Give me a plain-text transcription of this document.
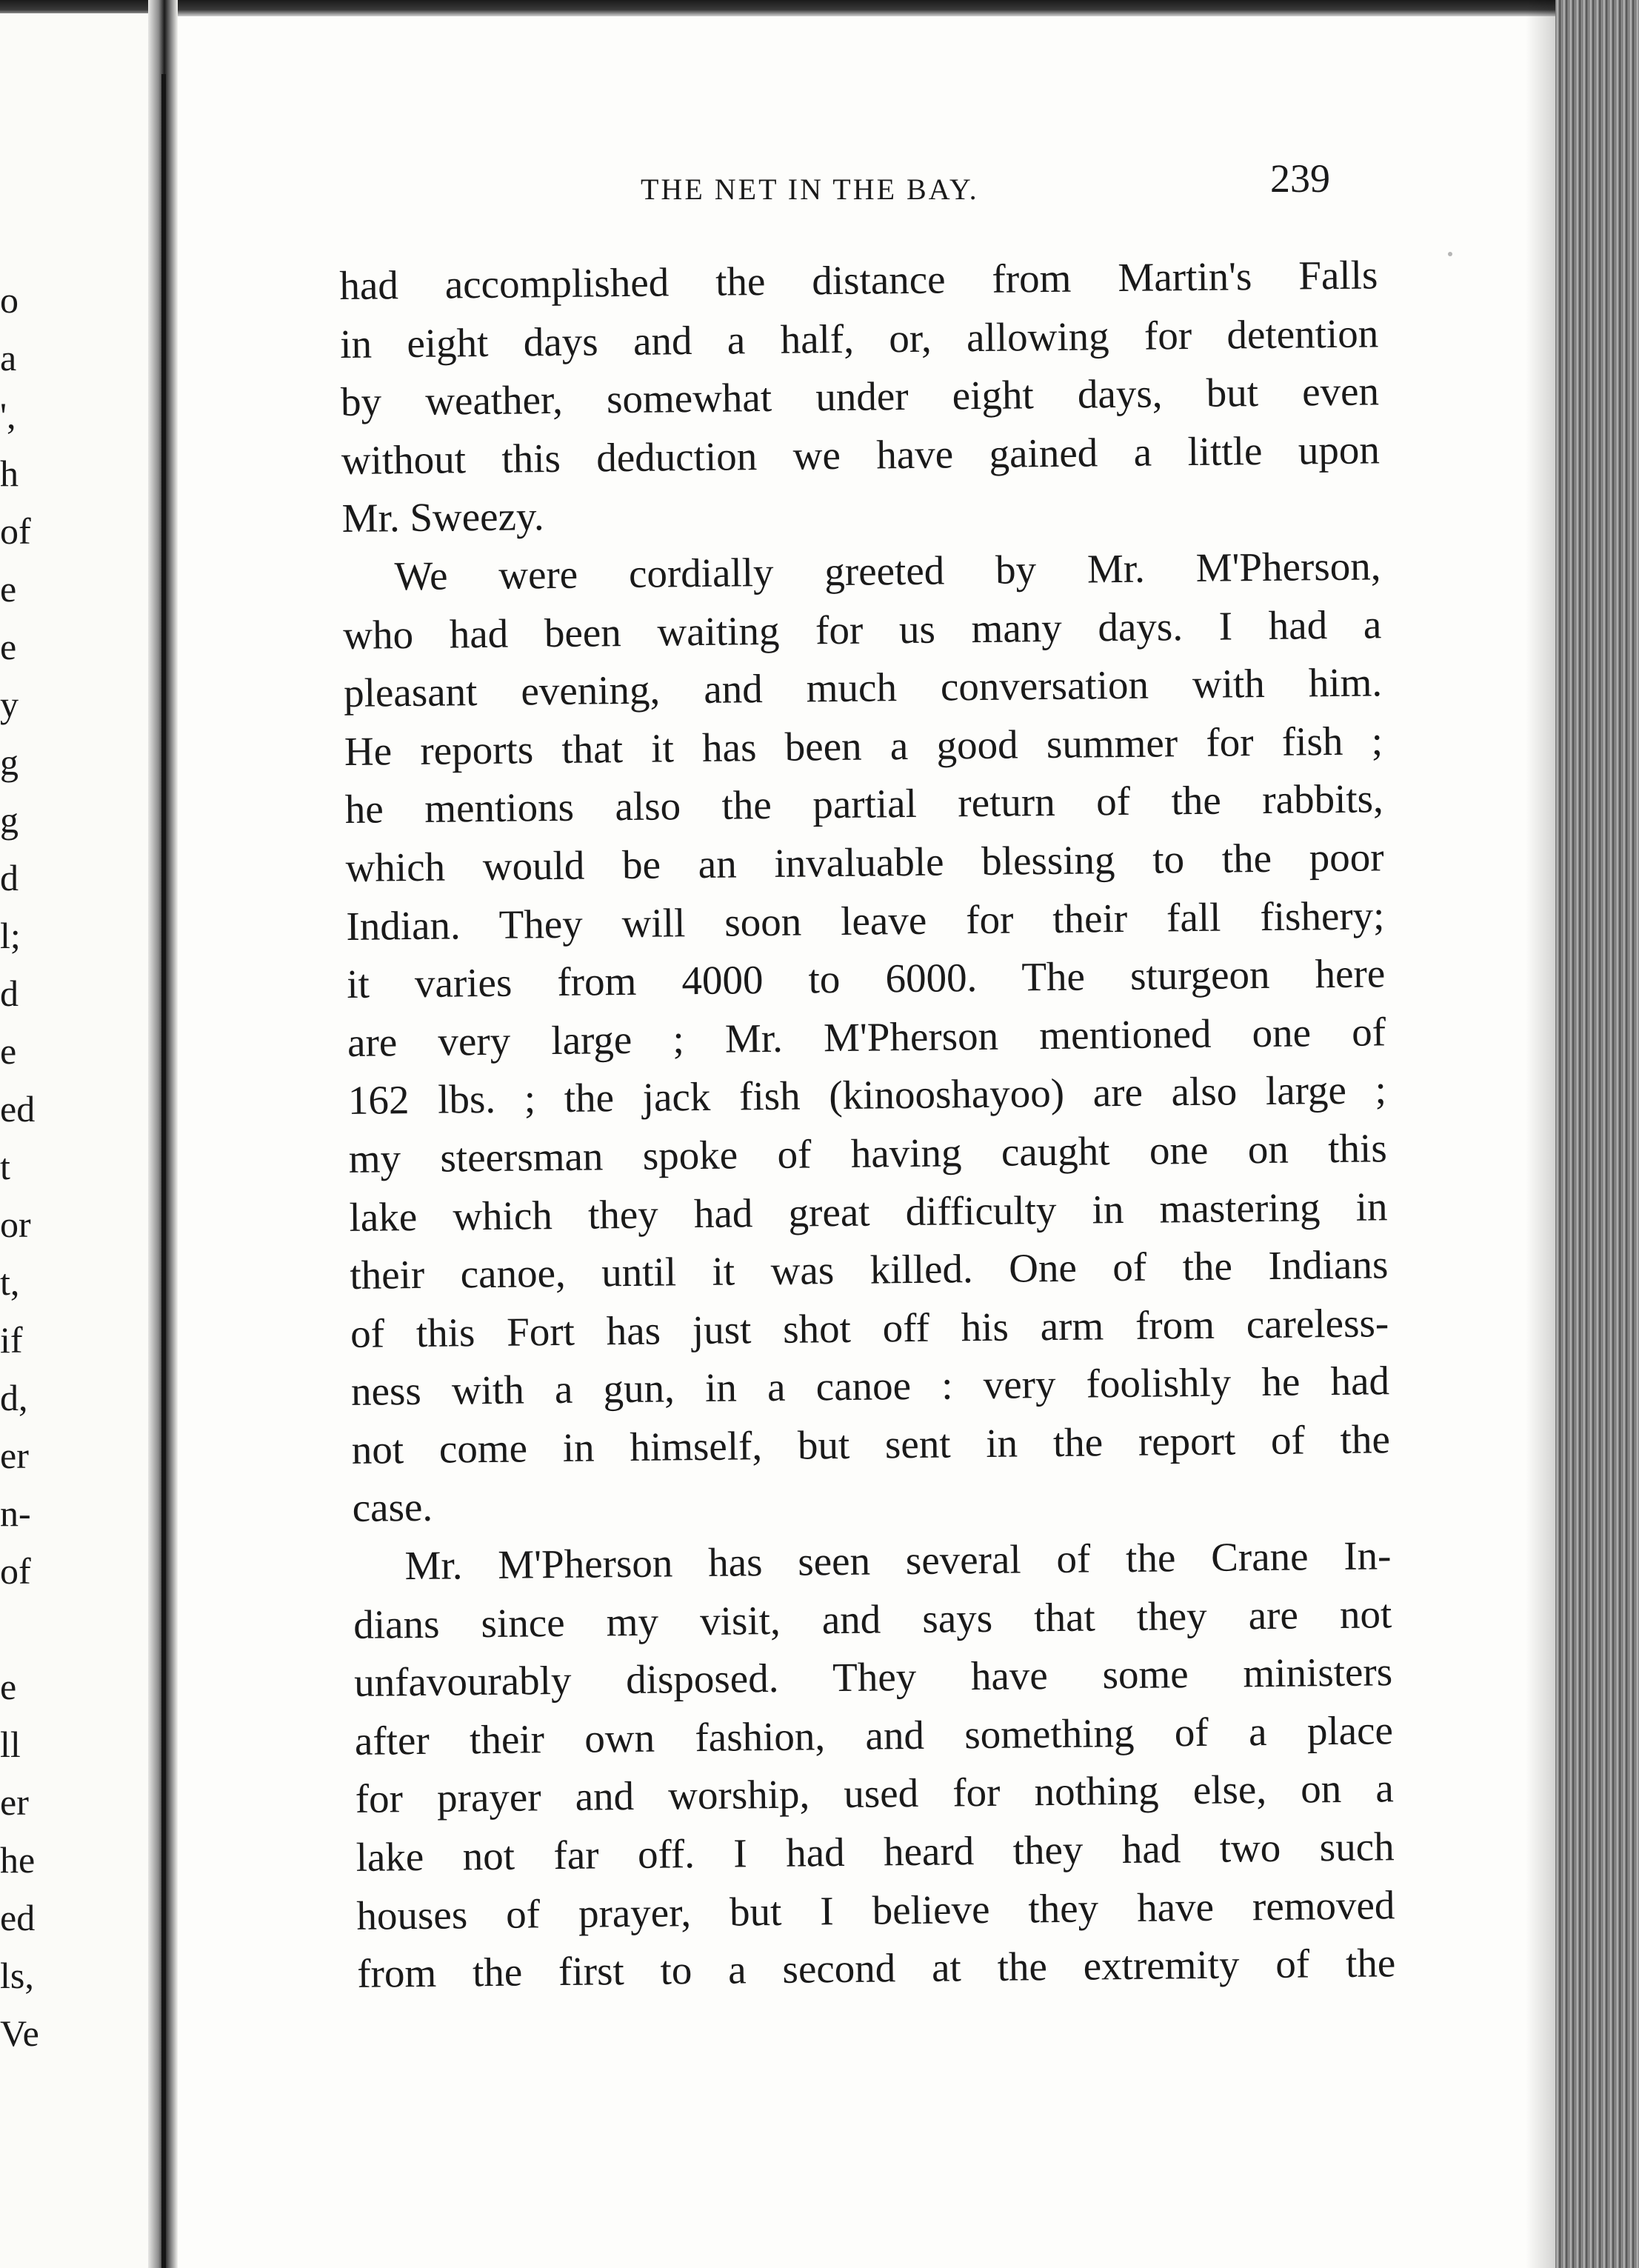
o
a
',
h
of
e
e
y
g
g
d
l;
d
e
ed
t
or
t,
if
d,
er
n-
of
e
ll
er
he
ed
ls,
Ve
THE NET IN THE BAY.	239
had accomplished the distance from Martin's Falls
in eight days and a half, or, allowing for detention
by weather, somewhat under eight days, but even
without this deduction we have gained a little upon
Mr. Sweezy.
We were cordially greeted by Mr. M'Pherson,
who had been waiting for us many days. I had a
pleasant evening, and much conversation with him.
He reports that it has been a good summer for fish ;
he mentions also the partial return of the rabbits,
which would be an invaluable blessing to the poor
Indian. They will soon leave for their fall fishery;
it varies from 4000 to 6000. The sturgeon here
are very large ; Mr. M'Pherson mentioned one of
162 lbs. ; the jack fish (kinooshayoo) are also large ;
my steersman spoke of having caught one on this
lake which they had great difficulty in mastering in
their canoe, until it was killed. One of the Indians
of this Fort has just shot off his arm from careless-
ness with a gun, in a canoe : very foolishly he had
not come in himself, but sent in the report of the
case.
Mr. M'Pherson has seen several of the Crane In-
dians since my visit, and says that they are not
unfavourably disposed. They have some ministers
after their own fashion, and something of a place
for prayer and worship, used for nothing else, on a
lake not far off. I had heard they had two such
houses of prayer, but I believe they have removed
from the first to a second at the extremity of the
